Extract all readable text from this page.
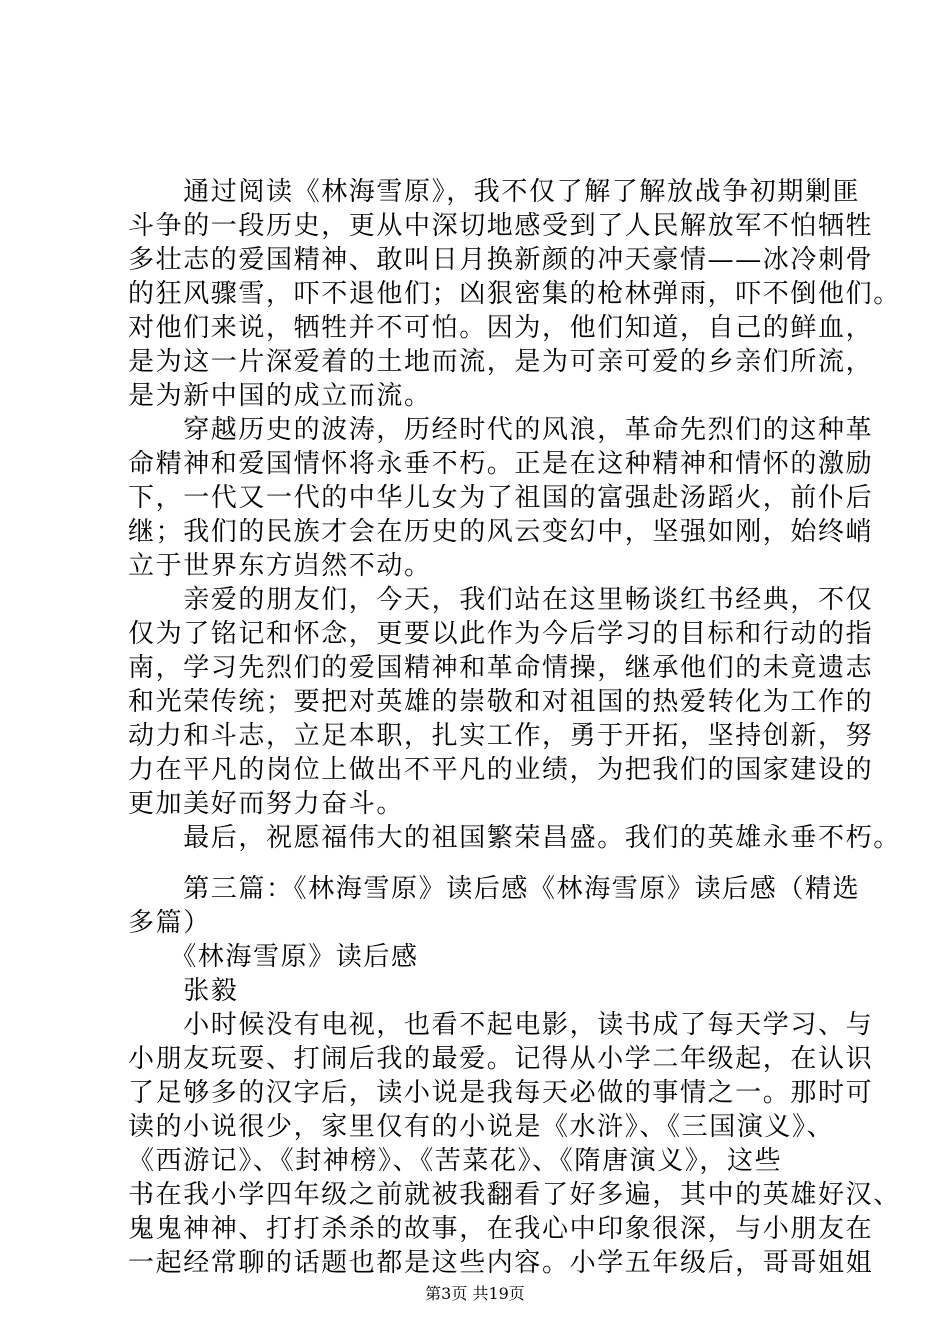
　　通过阅读《林海雪原》，我不仅了解了解放战争初期剿匪
斗争的一段历史，更从中深切地感受到了人民解放军不怕牺牲
多壮志的爱国精神、敢叫日月换新颜的冲天豪情——冰冷刺骨
的狂风骤雪，吓不退他们；凶狠密集的枪林弹雨，吓不倒他们。
对他们来说，牺牲并不可怕。因为，他们知道，自己的鲜血，
是为这一片深爱着的土地而流，是为可亲可爱的乡亲们所流，
是为新中国的成立而流。
　　穿越历史的波涛，历经时代的风浪，革命先烈们的这种革
命精神和爱国情怀将永垂不朽。正是在这种精神和情怀的激励
下，一代又一代的中华儿女为了祖国的富强赴汤蹈火，前仆后
继；我们的民族才会在历史的风云变幻中，坚强如刚，始终峭
立于世界东方岿然不动。
　　亲爱的朋友们，今天，我们站在这里畅谈红书经典，不仅
仅为了铭记和怀念，更要以此作为今后学习的目标和行动的指
南，学习先烈们的爱国精神和革命情操，继承他们的未竟遗志
和光荣传统；要把对英雄的崇敬和对祖国的热爱转化为工作的
动力和斗志，立足本职，扎实工作，勇于开拓，坚持创新，努
力在平凡的岗位上做出不平凡的业绩，为把我们的国家建设的
更加美好而努力奋斗。
　　最后，祝愿福伟大的祖国繁荣昌盛。我们的英雄永垂不朽。
　　第三篇：《林海雪原》读后感《林海雪原》读后感（精选
多篇）
　　《林海雪原》读后感
　　张毅
　　小时候没有电视，也看不起电影，读书成了每天学习、与
小朋友玩耍、打闹后我的最爱。记得从小学二年级起，在认识
了足够多的汉字后，读小说是我每天必做的事情之一。那时可
读的小说很少，家里仅有的小说是《水浒》、《三国演义》、
《西游记》、《封神榜》、《苦菜花》、《隋唐演义》，这些
书在我小学四年级之前就被我翻看了好多遍，其中的英雄好汉、
鬼鬼神神、打打杀杀的故事，在我心中印象很深，与小朋友在
一起经常聊的话题也都是这些内容。小学五年级后，哥哥姐姐
第3页 共19页
